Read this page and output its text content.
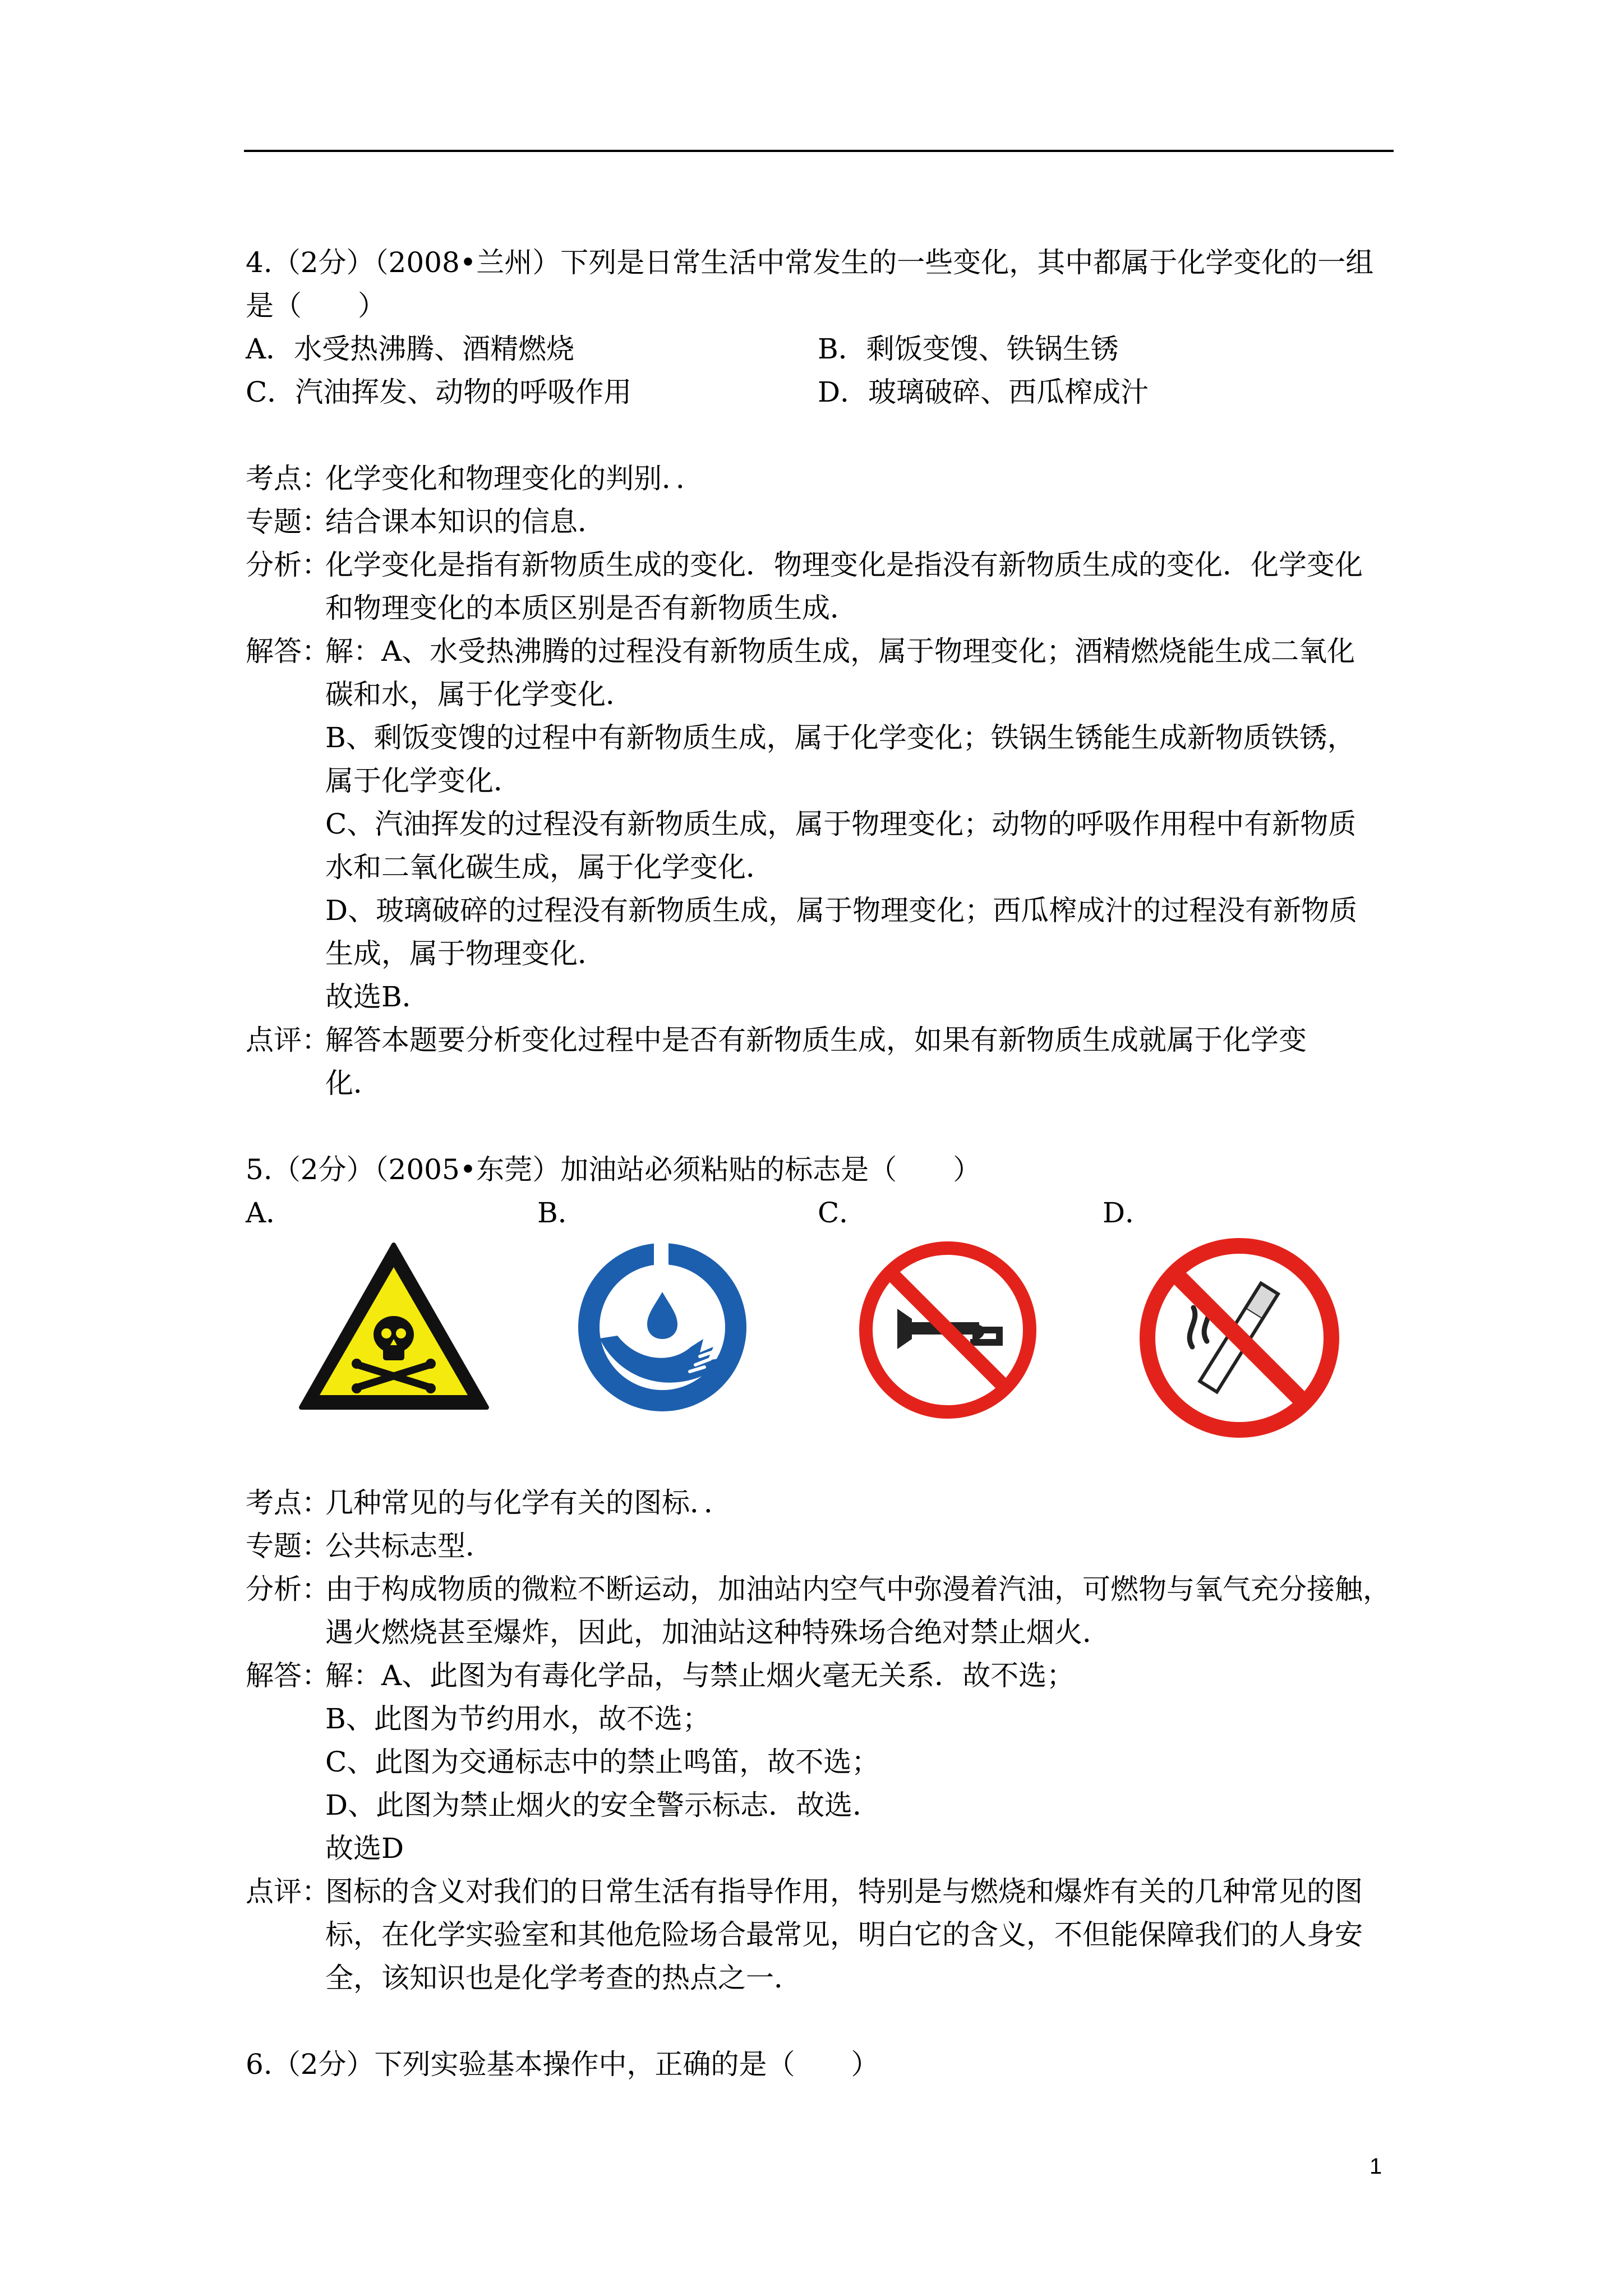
4.（2分）（2008•兰州）下列是日常生活中常发生的一些变化，其中都属于化学变化的一组

是（　　）

A．水受热沸腾、酒精燃烧	B．剩饭变馊、铁锅生锈
C．汽油挥发、动物的呼吸作用	D．玻璃破碎、西瓜榨成汁
考点：
化学变化和物理变化的判别．．
专题：
结合课本知识的信息．
分析：
化学变化是指有新物质生成的变化．物理变化是指没有新物质生成的变化．化学变化
和物理变化的本质区别是否有新物质生成．
解答：
解：A、水受热沸腾的过程没有新物质生成，属于物理变化；酒精燃烧能生成二氧化
碳和水，属于化学变化．
B、剩饭变馊的过程中有新物质生成，属于化学变化；铁锅生锈能生成新物质铁锈，
属于化学变化．
C、汽油挥发的过程没有新物质生成，属于物理变化；动物的呼吸作用程中有新物质
水和二氧化碳生成，属于化学变化．
D、玻璃破碎的过程没有新物质生成，属于物理变化；西瓜榨成汁的过程没有新物质
生成，属于物理变化．
故选B．
点评：
解答本题要分析变化过程中是否有新物质生成，如果有新物质生成就属于化学变
化．

5.（2分）（2005•东莞）加油站必须粘贴的标志是（　　）

A．	B．	C．	D．
考点：
几种常见的与化学有关的图标．．
专题：
公共标志型．
分析：
由于构成物质的微粒不断运动，加油站内空气中弥漫着汽油，可燃物与氧气充分接触，
遇火燃烧甚至爆炸，因此，加油站这种特殊场合绝对禁止烟火．
解答：
解：A、此图为有毒化学品，与禁止烟火毫无关系．故不选；
B、此图为节约用水，故不选；
C、此图为交通标志中的禁止鸣笛，故不选；
D、此图为禁止烟火的安全警示标志．故选．
故选D
点评：
图标的含义对我们的日常生活有指导作用，特别是与燃烧和爆炸有关的几种常见的图
标，在化学实验室和其他危险场合最常见，明白它的含义，不但能保障我们的人身安
全，该知识也是化学考查的热点之一．

6.（2分）下列实验基本操作中，正确的是（　　）

1
